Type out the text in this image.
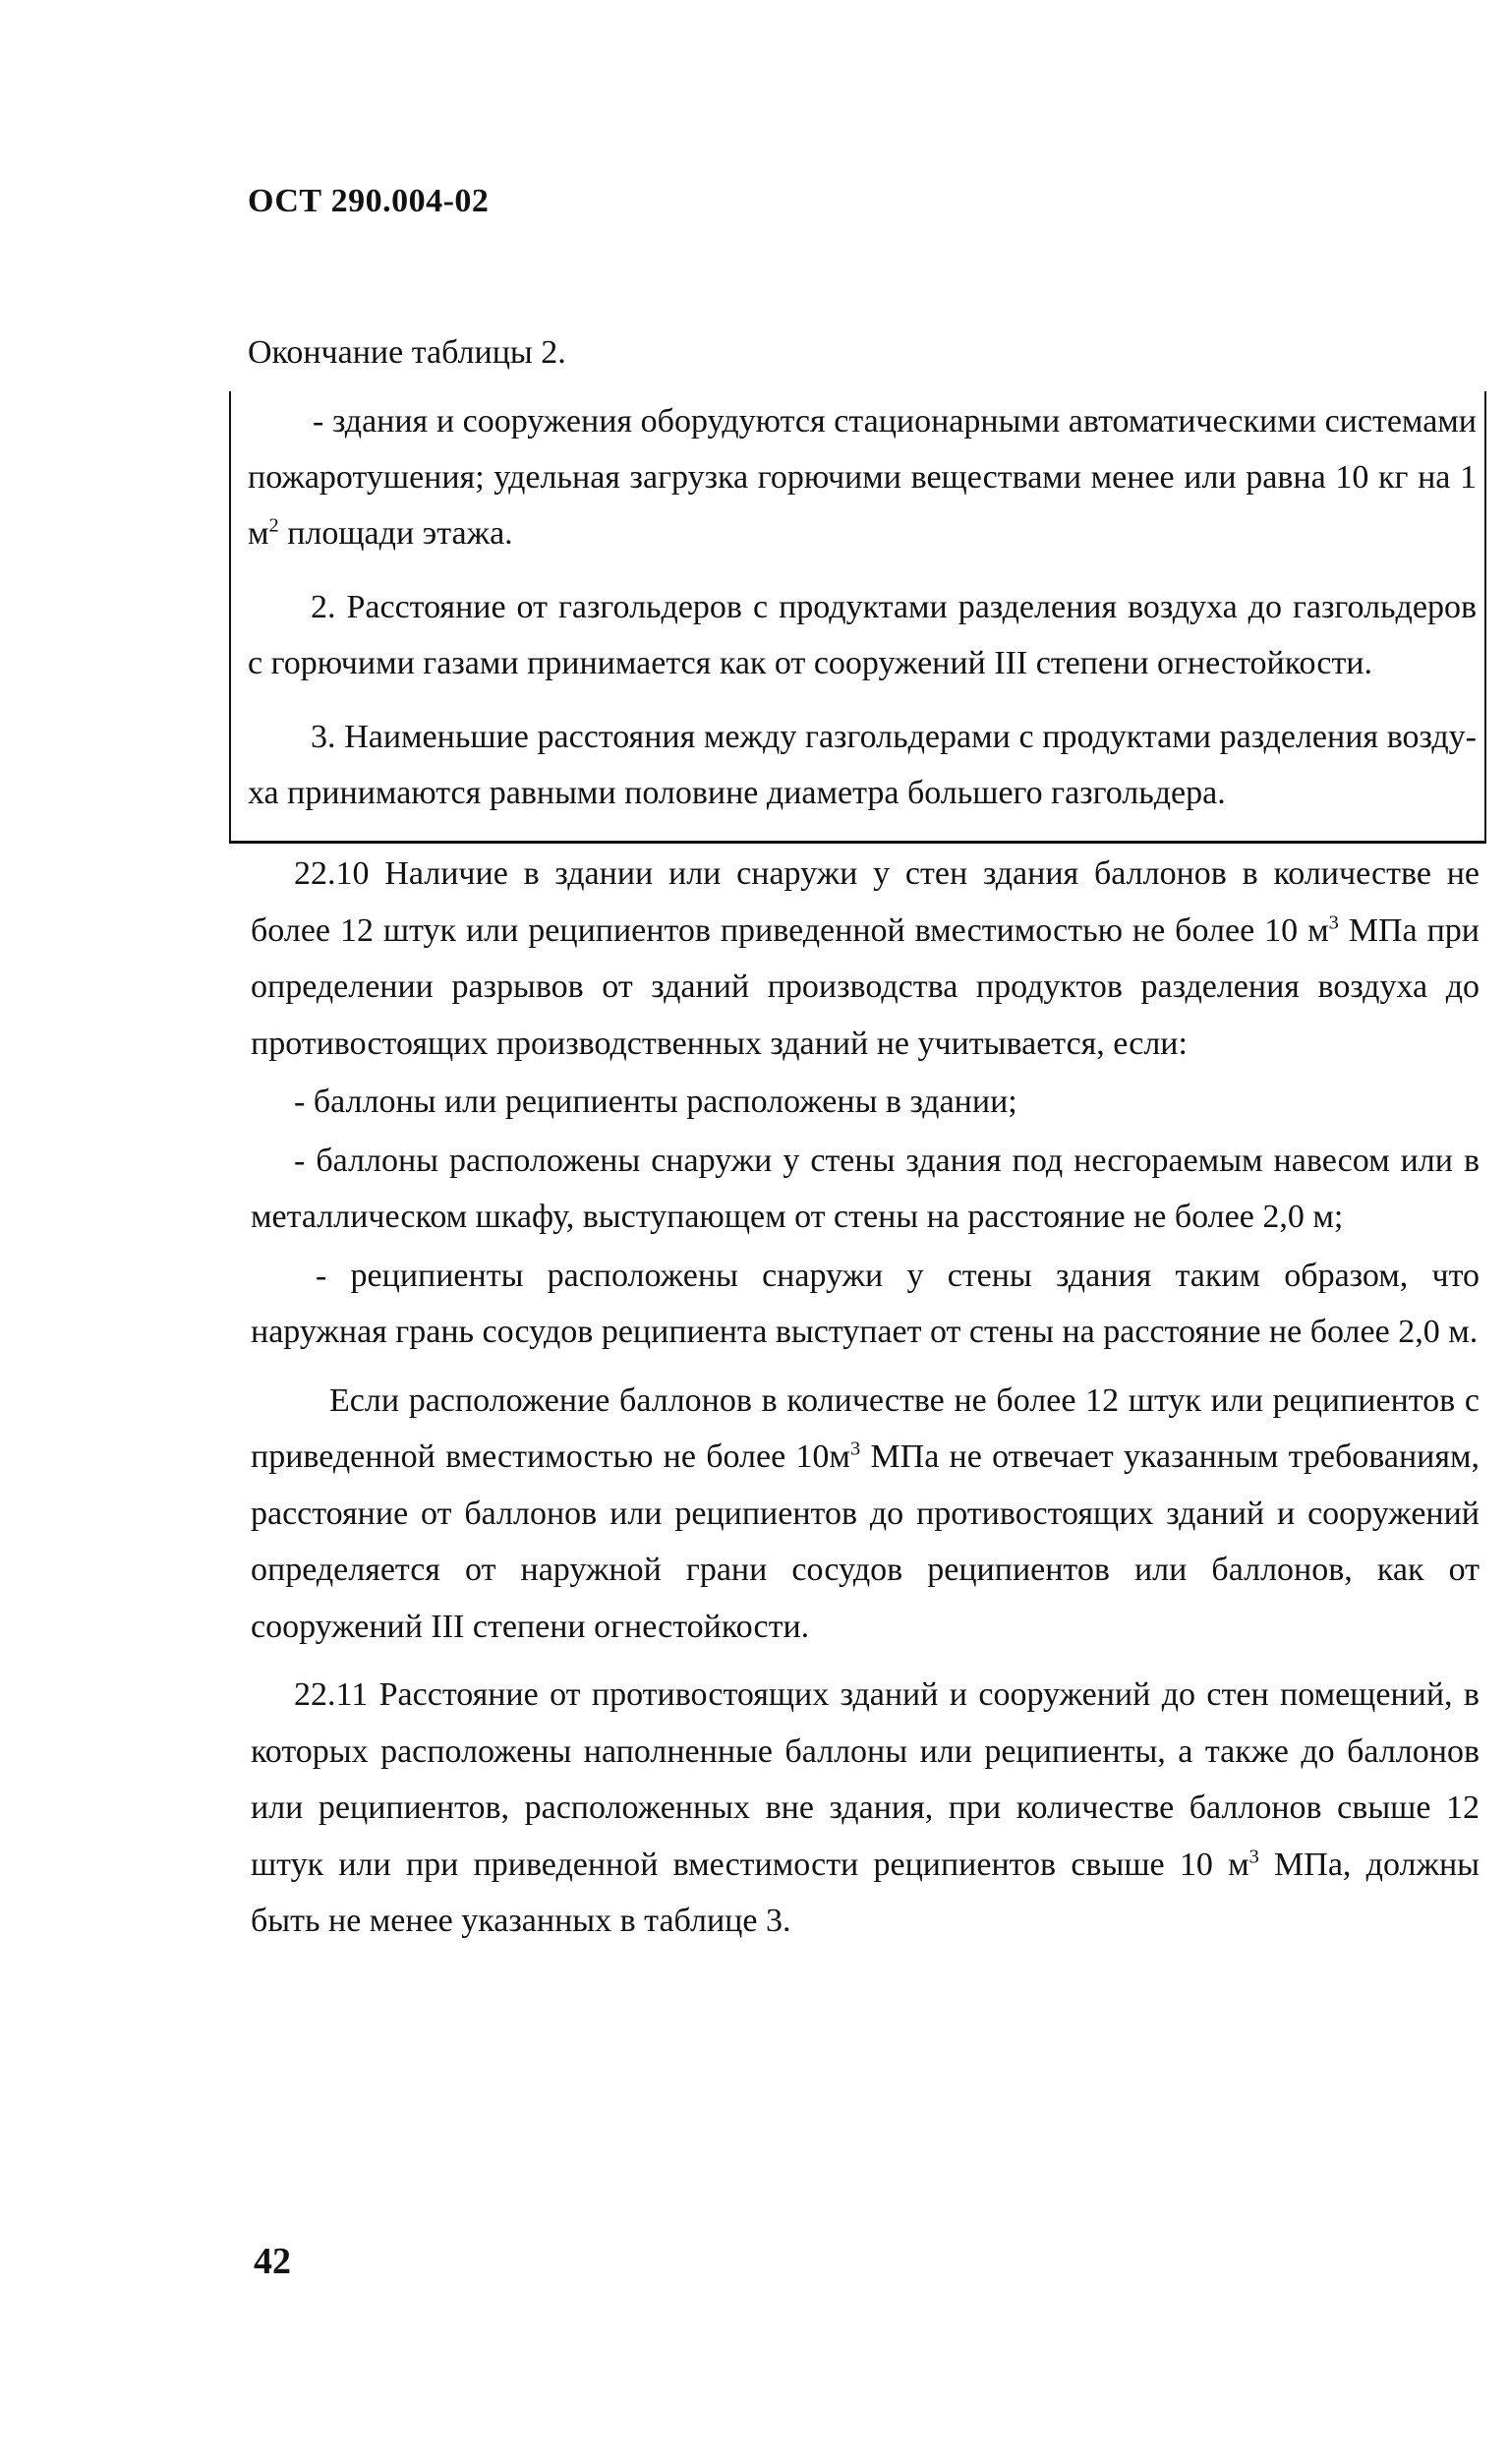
ОСТ 290.004-02
Окончание таблицы 2.

- здания и сооружения оборудуются стационарными автоматическими системами пожаротушения; удельная загрузка горючими веществами менее или равна 10 кг на 1 $м^2$ площади этажа.

2. Расстояние от газгольдеров с продуктами разделения воздуха до газгольдеров с горючими газами принимается как от сооружений III степени огнестойкости.

3. Наименьшие расстояния между газгольдерами с продуктами разделения возду-ха принимаются равными половине диаметра большего газгольдера.

22.10 Наличие в здании или снаружи у стен здания баллонов в количестве не более 12 штук или реципиентов приведенной вместимостью не более 10 $м^3$ МПа при определении разрывов от зданий производства продуктов разделения воздуха до противостоящих производственных зданий не учитывается, если:

- баллоны или реципиенты расположены в здании;

- баллоны расположены снаружи у стены здания под несгораемым навесом или в металлическом шкафу, выступающем от стены на расстояние не более 2,0 м;

- реципиенты расположены снаружи у стены здания таким образом, что наружная грань сосудов реципиента выступает от стены на расстояние не более 2,0 м.

Если расположение баллонов в количестве не более 12 штук или реципиентов с приведенной вместимостью не более $10м^3$ МПа не отвечает указанным требованиям, расстояние от баллонов или реципиентов до противостоящих зданий и сооружений определяется от наружной грани сосудов реципиентов или баллонов, как от сооружений III степени огнестойкости.

22.11 Расстояние от противостоящих зданий и сооружений до стен помещений, в которых расположены наполненные баллоны или реципиенты, а также до баллонов или реципиентов, расположенных вне здания, при количестве баллонов свыше 12 штук или при приведенной вместимости реципиентов свыше 10 $м^3$ МПа, должны быть не менее указанных в таблице 3.

42
